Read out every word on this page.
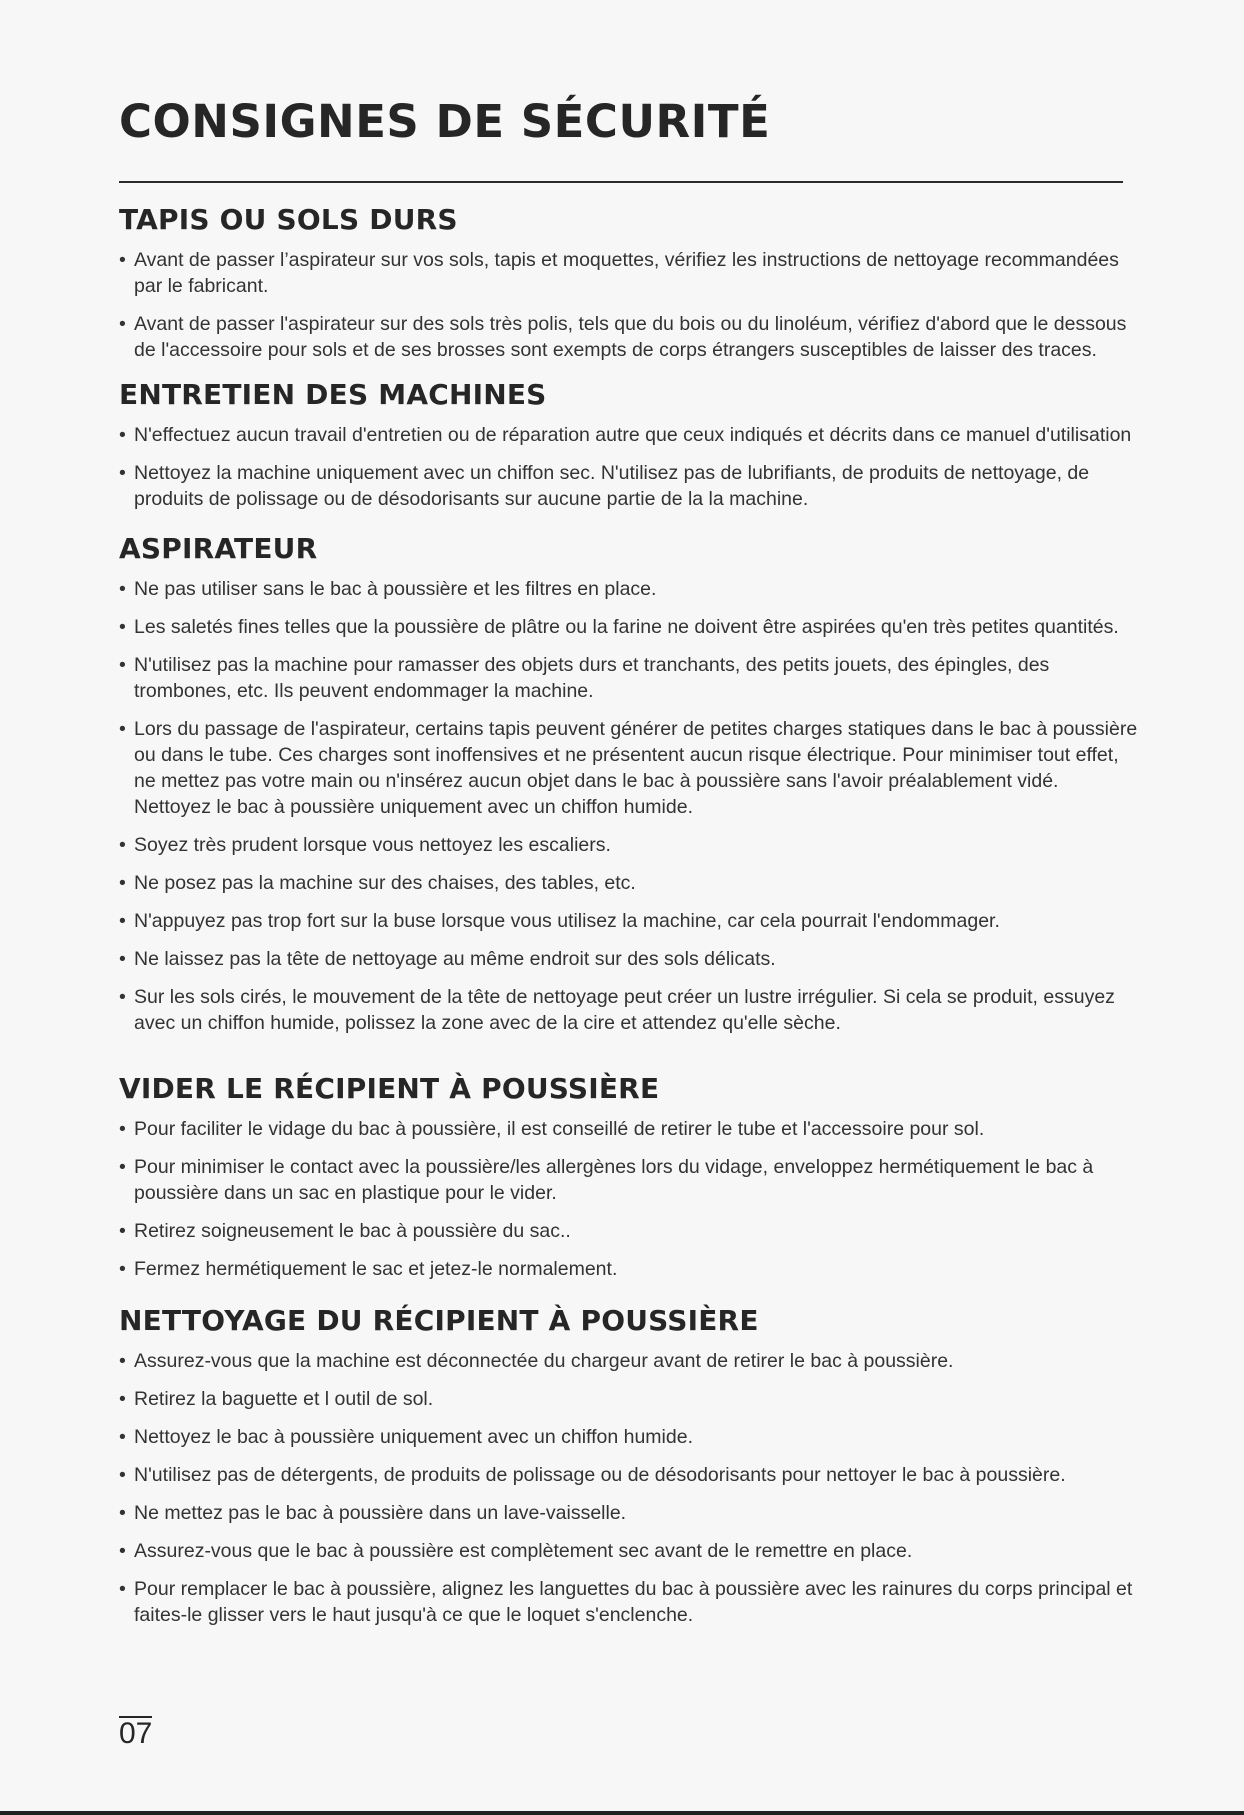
CONSIGNES DE SÉCURITÉ
TAPIS OU SOLS DURS
• Avant de passer l’aspirateur sur vos sols, tapis et moquettes, vérifiez les instructions de nettoyage recommandées par le fabricant.
• Avant de passer l'aspirateur sur des sols très polis, tels que du bois ou du linoléum, vérifiez d'abord que le dessous de l'accessoire pour sols et de ses brosses sont exempts de corps étrangers susceptibles de laisser des traces.
ENTRETIEN DES MACHINES
• N'effectuez aucun travail d'entretien ou de réparation autre que ceux indiqués et décrits dans ce manuel d'utilisation
• Nettoyez la machine uniquement avec un chiffon sec. N'utilisez pas de lubrifiants, de produits de nettoyage, de produits de polissage ou de désodorisants sur aucune partie de la la machine.
ASPIRATEUR
• Ne pas utiliser sans le bac à poussière et les filtres en place.
• Les saletés fines telles que la poussière de plâtre ou la farine ne doivent être aspirées qu'en très petites quantités.
• N'utilisez pas la machine pour ramasser des objets durs et tranchants, des petits jouets, des épingles, des trombones, etc. Ils peuvent endommager la machine.
• Lors du passage de l'aspirateur, certains tapis peuvent générer de petites charges statiques dans le bac à poussière ou dans le tube. Ces charges sont inoffensives et ne présentent aucun risque électrique. Pour minimiser tout effet, ne mettez pas votre main ou n'insérez aucun objet dans le bac à poussière sans l'avoir préalablement vidé. Nettoyez le bac à poussière uniquement avec un chiffon humide.
• Soyez très prudent lorsque vous nettoyez les escaliers.
• Ne posez pas la machine sur des chaises, des tables, etc.
• N'appuyez pas trop fort sur la buse lorsque vous utilisez la machine, car cela pourrait l'endommager.
• Ne laissez pas la tête de nettoyage au même endroit sur des sols délicats.
• Sur les sols cirés, le mouvement de la tête de nettoyage peut créer un lustre irrégulier. Si cela se produit, essuyez avec un chiffon humide, polissez la zone avec de la cire et attendez qu'elle sèche.
VIDER LE RÉCIPIENT À POUSSIÈRE
• Pour faciliter le vidage du bac à poussière, il est conseillé de retirer le tube et l'accessoire pour sol.
• Pour minimiser le contact avec la poussière/les allergènes lors du vidage, enveloppez hermétiquement le bac à poussière dans un sac en plastique pour le vider.
• Retirez soigneusement le bac à poussière du sac..
• Fermez hermétiquement le sac et jetez-le normalement.
NETTOYAGE DU RÉCIPIENT À POUSSIÈRE
• Assurez-vous que la machine est déconnectée du chargeur avant de retirer le bac à poussière.
• Retirez la baguette et l outil de sol.
• Nettoyez le bac à poussière uniquement avec un chiffon humide.
• N'utilisez pas de détergents, de produits de polissage ou de désodorisants pour nettoyer le bac à poussière.
• Ne mettez pas le bac à poussière dans un lave-vaisselle.
• Assurez-vous que le bac à poussière est complètement sec avant de le remettre en place.
• Pour remplacer le bac à poussière, alignez les languettes du bac à poussière avec les rainures du corps principal et faites-le glisser vers le haut jusqu'à ce que le loquet s'enclenche.
07
